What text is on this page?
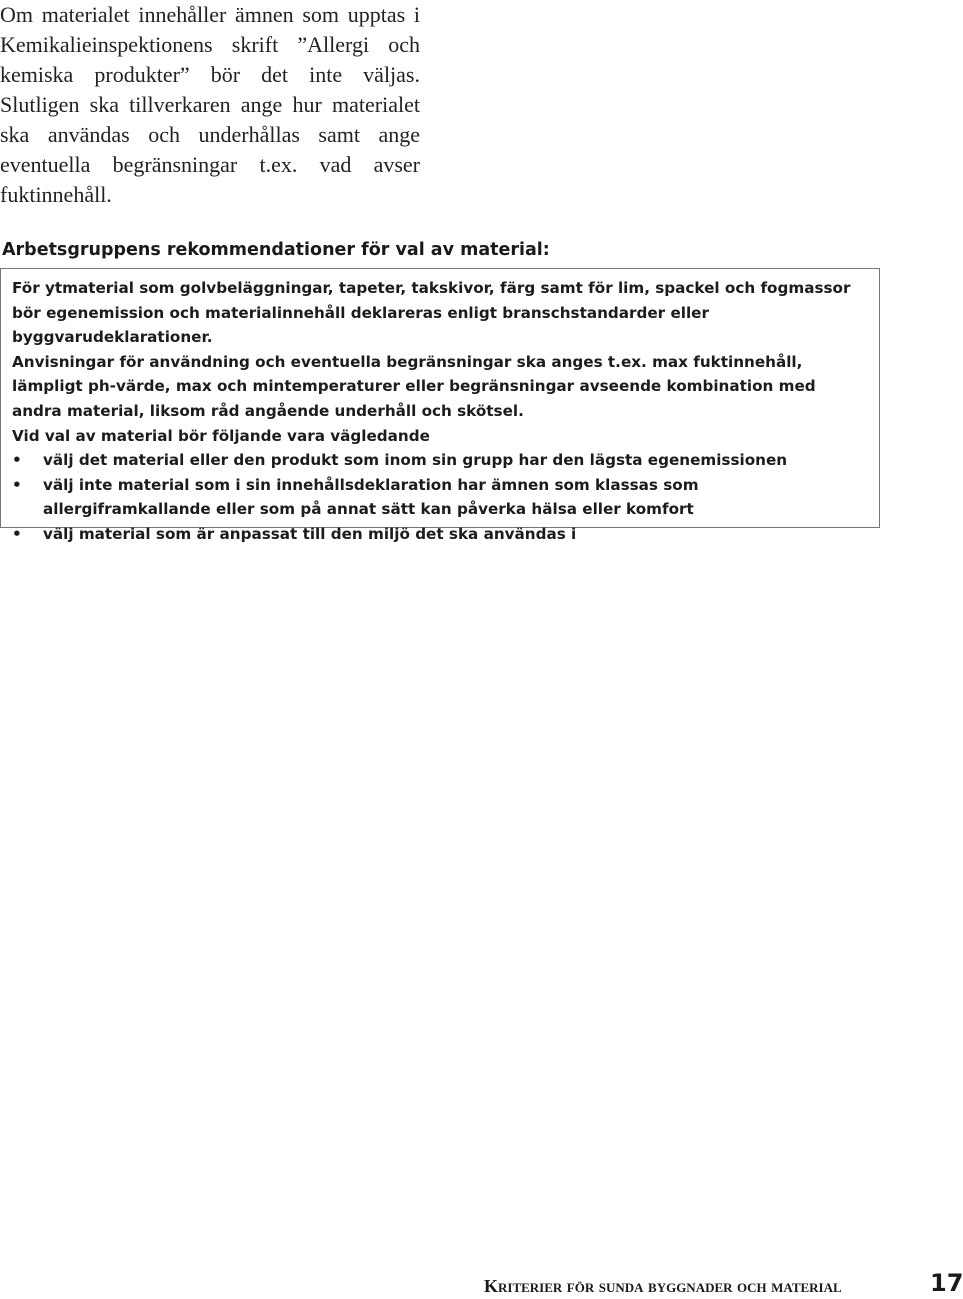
Om materialet innehåller ämnen som upptas i Kemikalieinspektionens skrift ”Allergi och kemiska produkter” bör det inte väljas. Slutligen ska tillverkaren ange hur materialet ska användas och underhållas samt ange eventuella begränsningar t.ex. vad avser fuktinnehåll.

Arbetsgruppens rekommendationer för val av material:

För ytmaterial som golvbeläggningar, tapeter, takskivor, färg samt för lim, spackel och fogmassor bör egenemission och materialinnehåll deklareras enligt branschstandarder eller byggvarudeklarationer.

Anvisningar för användning och eventuella begränsningar ska anges t.ex. max fuktinnehåll, lämpligt ph-värde, max och mintemperaturer eller begränsningar avseende kombination med andra material, liksom råd angående underhåll och skötsel.

Vid val av material bör följande vara vägledande

• välj det material eller den produkt som inom sin grupp har den lägsta egenemissionen
• välj inte material som i sin innehållsdeklaration har ämnen som klassas som allergiframkallande eller som på annat sätt kan påverka hälsa eller komfort
• välj material som är anpassat till den miljö det ska användas i
Kriterier för sunda byggnader och material	17
